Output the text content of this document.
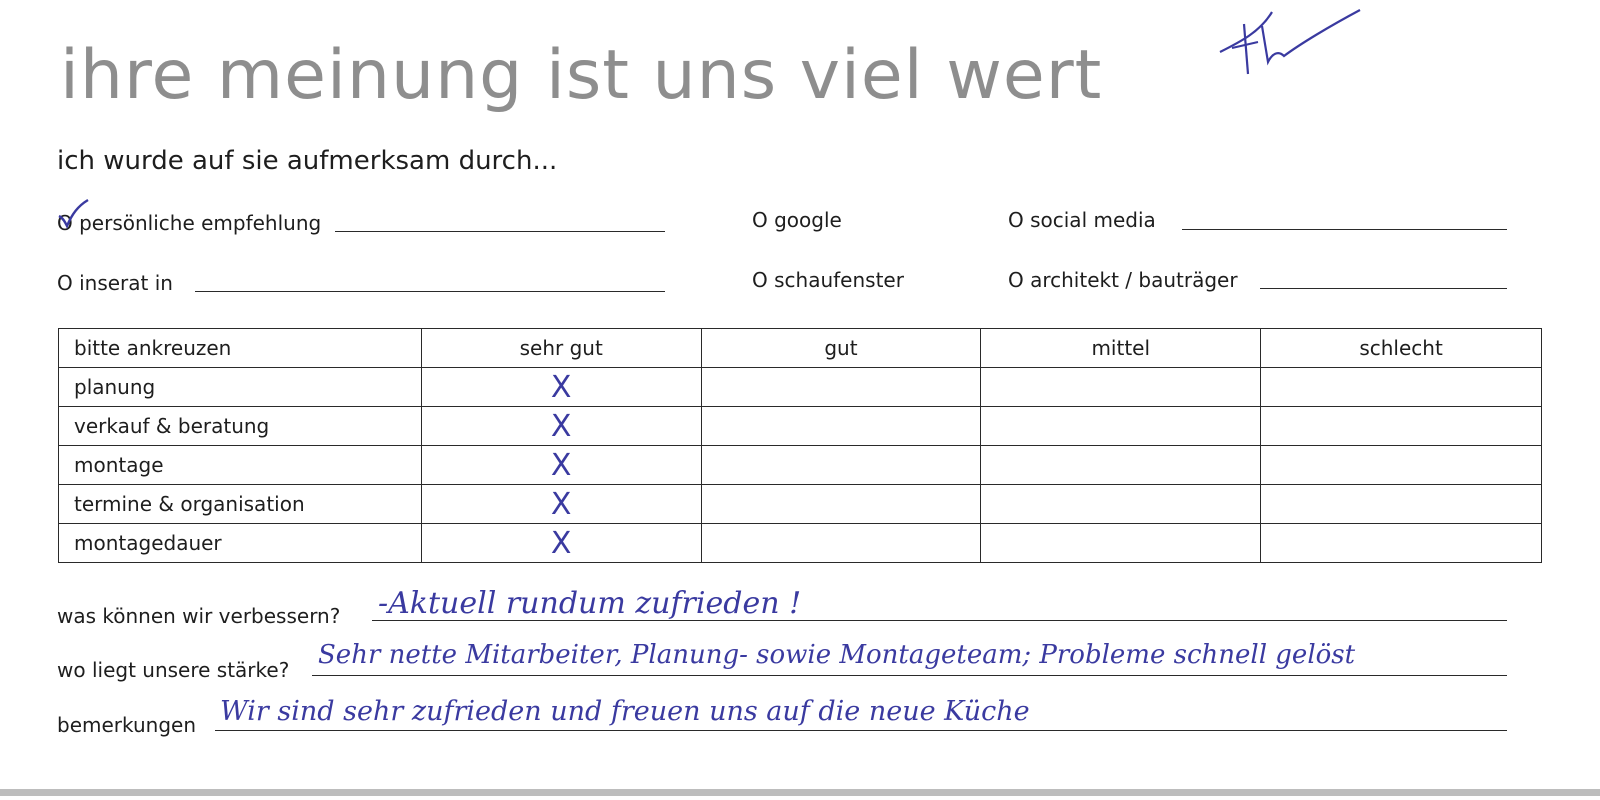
ihre meinung ist uns viel wert
ich wurde auf sie aufmerksam durch...
O persönliche empfehlung	O google	O social media
O inserat in	O schaufenster	O architekt / bauträger
bitte ankreuzen	sehr gut	gut	mittel	schlecht
planung	X			
verkauf & beratung	X			
montage	X			
termine & organisation	X			
montagedauer	X			
was können wir verbessern? -Aktuell rundum zufrieden !
wo liegt unsere stärke? Sehr nette Mitarbeiter, Planung- sowie Montageteam; Probleme schnell gelöst
bemerkungen Wir sind sehr zufrieden und freuen uns auf die neue Küche
